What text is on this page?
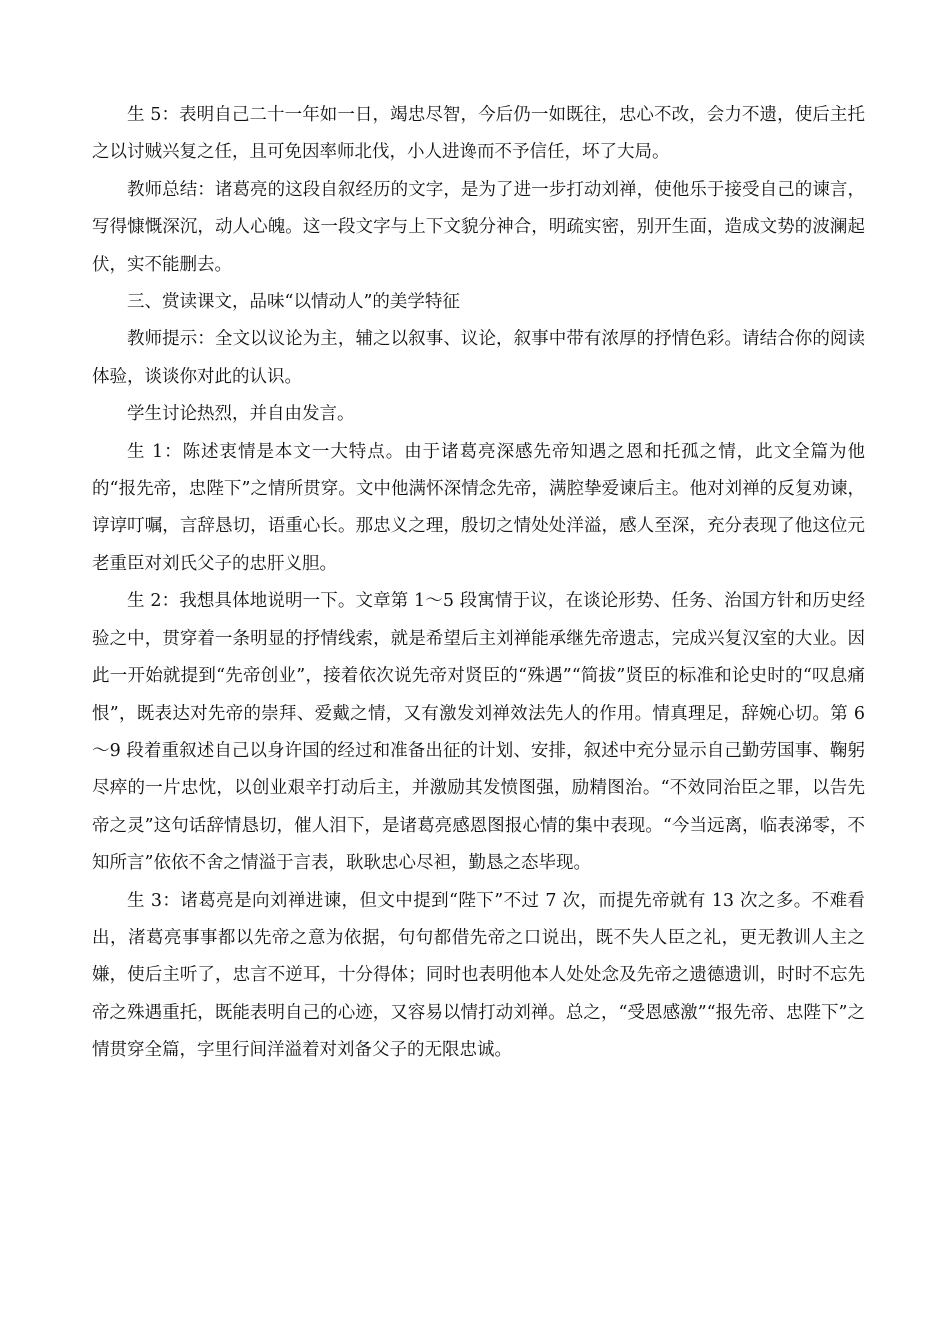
生 5：表明自己二十一年如一日，竭忠尽智，今后仍一如既往，忠心不改，会力不遗，使后主托之以讨贼兴复之任，且可免因率师北伐，小人进谗而不予信任，坏了大局。

教师总结：诸葛亮的这段自叙经历的文字，是为了进一步打动刘禅，使他乐于接受自己的谏言，写得慷慨深沉，动人心魄。这一段文字与上下文貌分神合，明疏实密，别开生面，造成文势的波澜起伏，实不能删去。

三、赏读课文，品味“以情动人”的美学特征

教师提示：全文以议论为主，辅之以叙事、议论，叙事中带有浓厚的抒情色彩。请结合你的阅读体验，谈谈你对此的认识。

学生讨论热烈，并自由发言。

生 1：陈述衷情是本文一大特点。由于诸葛亮深感先帝知遇之恩和托孤之情，此文全篇为他的“报先帝，忠陛下”之情所贯穿。文中他满怀深情念先帝，满腔挚爱谏后主。他对刘禅的反复劝谏，谆谆叮嘱，言辞恳切，语重心长。那忠义之理，殷切之情处处洋溢，感人至深，充分表现了他这位元老重臣对刘氏父子的忠肝义胆。

生 2：我想具体地说明一下。文章第 1～5 段寓情于议，在谈论形势、任务、治国方针和历史经验之中，贯穿着一条明显的抒情线索，就是希望后主刘禅能承继先帝遗志，完成兴复汉室的大业。因此一开始就提到“先帝创业”，接着依次说先帝对贤臣的“殊遇”“简拔”贤臣的标准和论史时的“叹息痛恨”，既表达对先帝的崇拜、爱戴之情，又有激发刘禅效法先人的作用。情真理足，辞婉心切。第 6～9 段着重叙述自己以身许国的经过和准备出征的计划、安排，叙述中充分显示自己勤劳国事、鞠躬尽瘁的一片忠忱，以创业艰辛打动后主，并激励其发愤图强，励精图治。“不效同治臣之罪，以告先帝之灵”这句话辞情恳切，催人泪下，是诸葛亮感恩图报心情的集中表现。“今当远离，临表涕零，不知所言”依依不舍之情溢于言表，耿耿忠心尽袒，勤恳之态毕现。

生 3：诸葛亮是向刘禅进谏，但文中提到“陛下”不过 7 次，而提先帝就有 13 次之多。不难看出，渚葛亮事事都以先帝之意为依据，句句都借先帝之口说出，既不失人臣之礼，更无教训人主之嫌，使后主听了，忠言不逆耳，十分得体；同时也表明他本人处处念及先帝之遗德遗训，时时不忘先帝之殊遇重托，既能表明自己的心迹，又容易以情打动刘禅。总之，“受恩感激”“报先帝、忠陛下”之情贯穿全篇，字里行间洋溢着对刘备父子的无限忠诚。
